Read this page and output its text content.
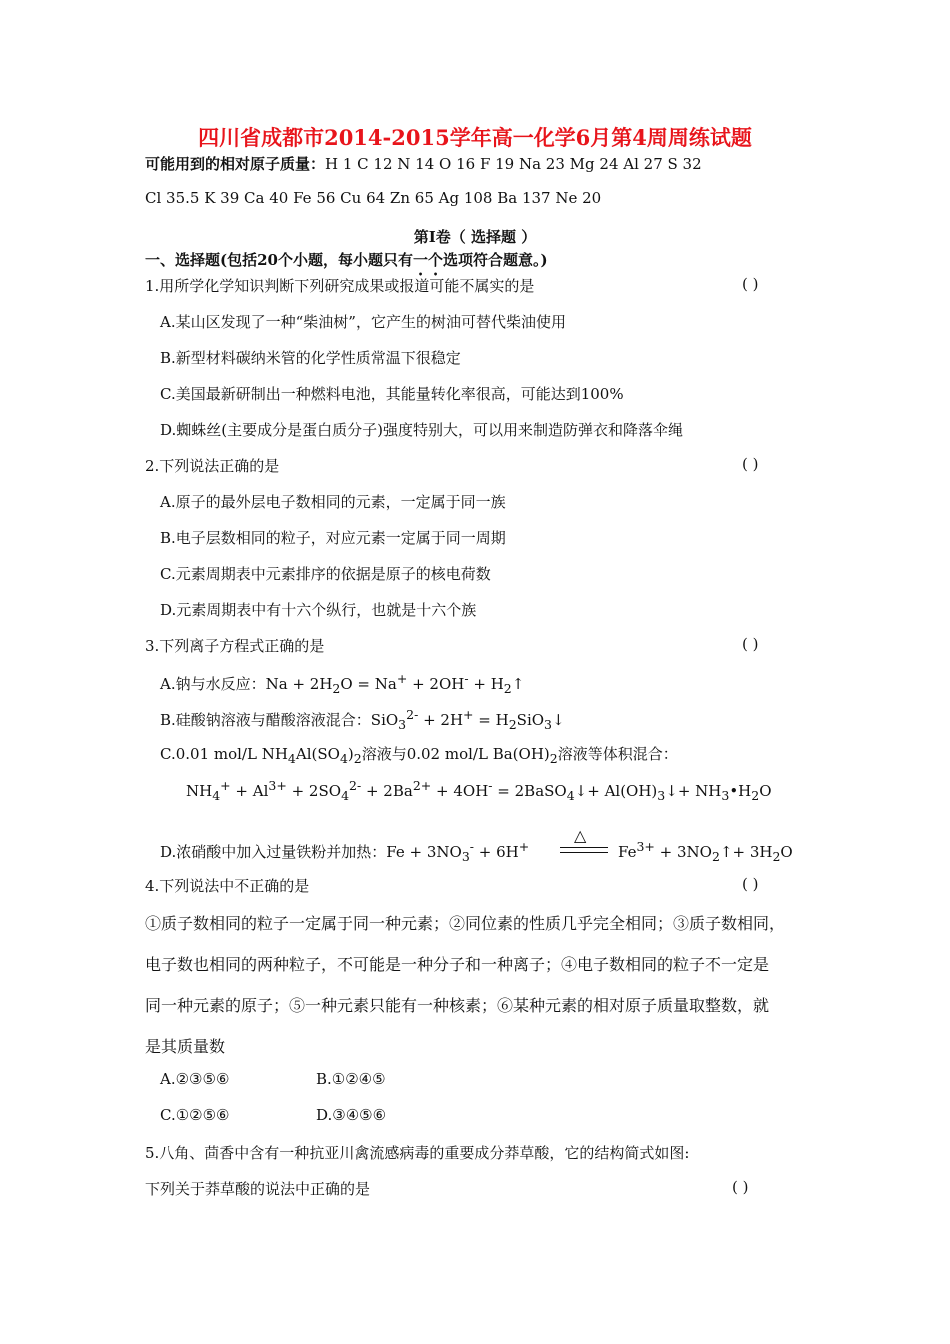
四川省成都市2014-2015学年高一化学6月第4周周练试题
可能用到的相对原子质量：H 1 C 12 N 14 O 16 F 19 Na 23 Mg 24 Al 27 S 32
Cl 35.5 K 39 Ca 40 Fe 56 Cu 64 Zn 65 Ag 108 Ba 137 Ne 20
第Ⅰ卷（ 选择题 ）
一、选择题(包括20个小题，每小题只有一个选项符合题意。)
1.用所学化学知识判断下列研究成果或报道可能不属实的是	( )
A.某山区发现了一种“柴油树”，它产生的树油可替代柴油使用
B.新型材料碳纳米管的化学性质常温下很稳定
C.美国最新研制出一种燃料电池，其能量转化率很高，可能达到100%
D.蜘蛛丝(主要成分是蛋白质分子)强度特别大，可以用来制造防弹衣和降落伞绳
2.下列说法正确的是	( )
A.原子的最外层电子数相同的元素，一定属于同一族
B.电子层数相同的粒子，对应元素一定属于同一周期
C.元素周期表中元素排序的依据是原子的核电荷数
D.元素周期表中有十六个纵行，也就是十六个族
3.下列离子方程式正确的是	( )
A.钠与水反应：$Na + 2H_2O = Na^+ + 2OH^-$ + $H_2↑$
B.硅酸钠溶液与醋酸溶液混合：$SiO_3^{2-} + 2H^+ = H_2SiO_3↓$
C.0.01 mol/L $NH_4Al(SO_4)_2$溶液与0.02 mol/L $Ba(OH)_2$溶液等体积混合：
$NH_4^+ + Al^{3+} + 2SO_4^{2-} + 2Ba^{2+} + 4OH^-$ = 2BaSO$_4$↓+ $Al(OH)_3↓+$ $NH_3•H_2O$
D.浓硝酸中加入过量铁粉并加热：$Fe + 3NO_3^- + 6H^+$
△
$Fe^{3+}$ + $3NO_2↑+ 3H_2O$
4.下列说法中不正确的是	( )
①质子数相同的粒子一定属于同一种元素；②同位素的性质几乎完全相同；③质子数相同，
电子数也相同的两种粒子，不可能是一种分子和一种离子；④电子数相同的粒子不一定是
同一种元素的原子；⑤一种元素只能有一种核素；⑥某种元素的相对原子质量取整数，就
是其质量数
A.②③⑤⑥	B.①②④⑤
C.①②⑤⑥	D.③④⑤⑥
5.八角、茴香中含有一种抗亚川禽流感病毒的重要成分莽草酸，它的结构简式如图:
下列关于莽草酸的说法中正确的是	( )
